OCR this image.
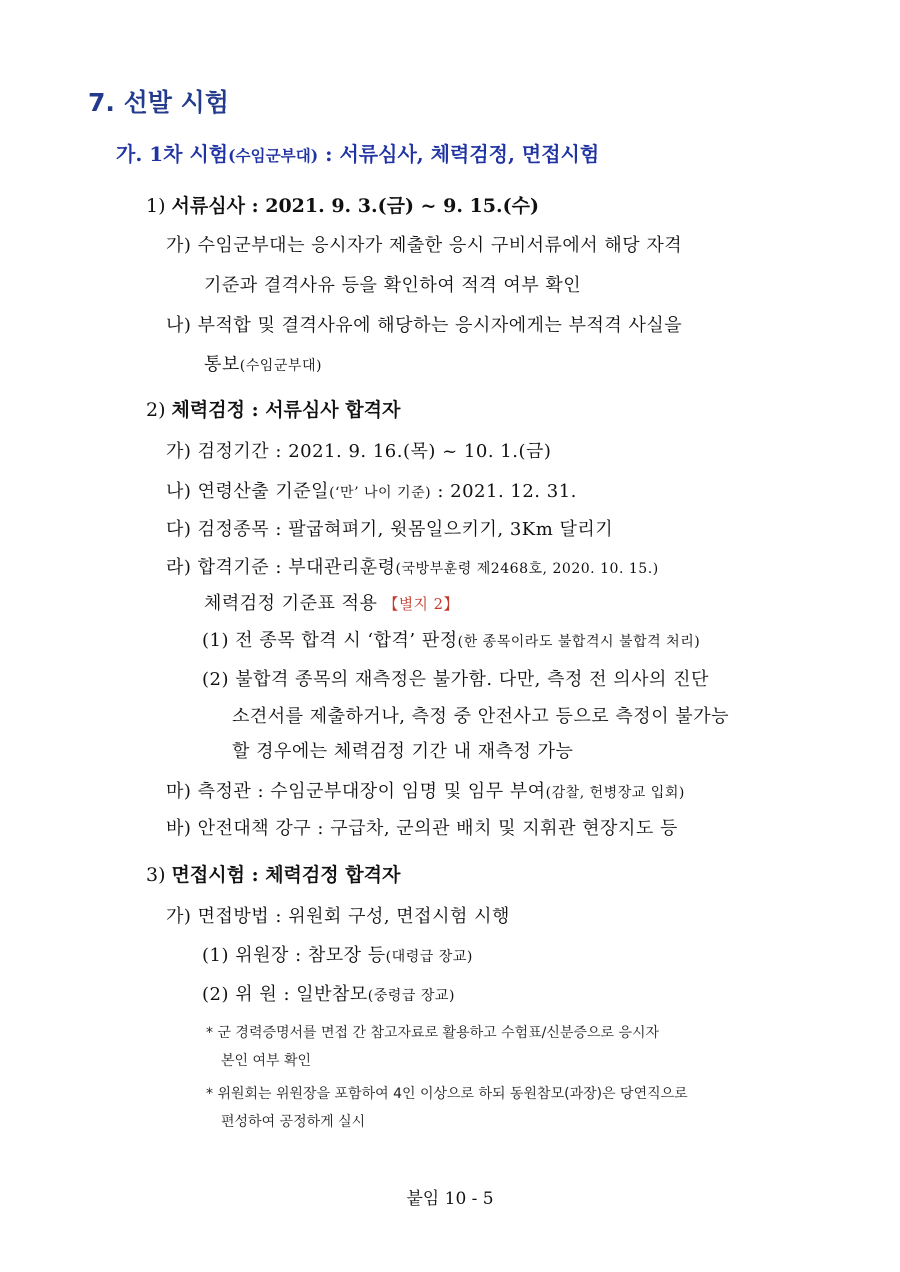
7. 선발 시험
가. 1차 시험(수임군부대) : 서류심사, 체력검정, 면접시험
1) 서류심사 : 2021. 9. 3.(금) ~ 9. 15.(수)
가) 수임군부대는 응시자가 제출한 응시 구비서류에서 해당 자격
기준과 결격사유 등을 확인하여 적격 여부 확인
나) 부적합 및 결격사유에 해당하는 응시자에게는 부적격 사실을
통보(수임군부대)
2) 체력검정 : 서류심사 합격자
가) 검정기간 : 2021. 9. 16.(목) ~ 10. 1.(금)
나) 연령산출 기준일(‘만’ 나이 기준) : 2021. 12. 31.
다) 검정종목 : 팔굽혀펴기, 윗몸일으키기, 3Km 달리기
라) 합격기준 : 부대관리훈령(국방부훈령 제2468호, 2020. 10. 15.)
체력검정 기준표 적용 【별지 2】
(1) 전 종목 합격 시 ‘합격’ 판정(한 종목이라도 불합격시 불합격 처리)
(2) 불합격 종목의 재측정은 불가함. 다만, 측정 전 의사의 진단
소견서를 제출하거나, 측정 중 안전사고 등으로 측정이 불가능
할 경우에는 체력검정 기간 내 재측정 가능
마) 측정관 : 수임군부대장이 임명 및 임무 부여(감찰, 헌병장교 입회)
바) 안전대책 강구 : 구급차, 군의관 배치 및 지휘관 현장지도 등
3) 면접시험 : 체력검정 합격자
가) 면접방법 : 위원회 구성, 면접시험 시행
(1) 위원장 : 참모장 등(대령급 장교)
(2) 위 원 : 일반참모(중령급 장교)
* 군 경력증명서를 면접 간 참고자료로 활용하고 수험표/신분증으로 응시자
본인 여부 확인
* 위원회는 위원장을 포함하여 4인 이상으로 하되 동원참모(과장)은 당연직으로
편성하여 공정하게 실시
붙임 10 - 5
